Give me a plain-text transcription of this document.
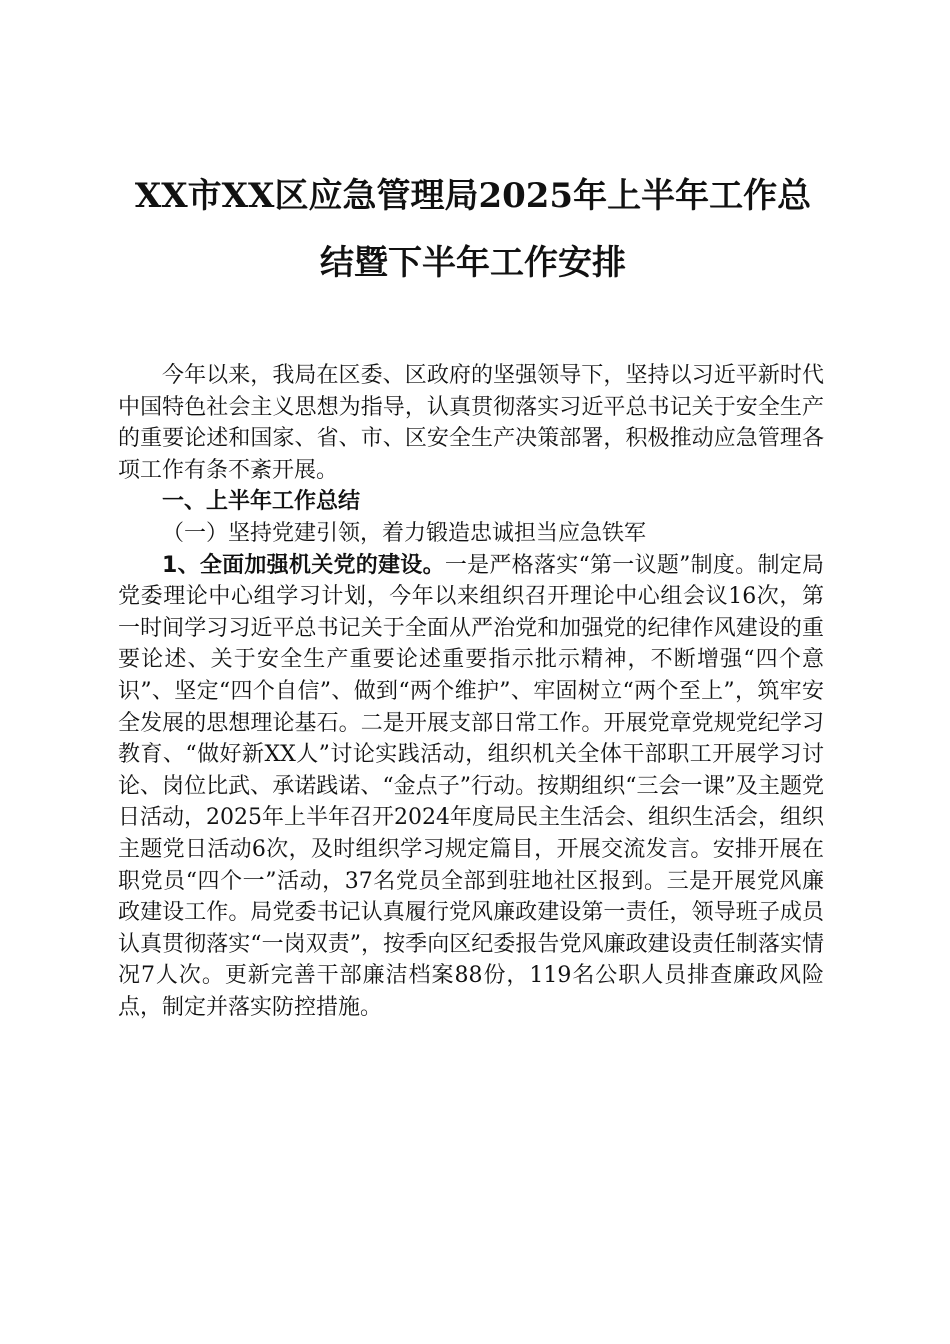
XX市XX区应急管理局2025年上半年工作总
结暨下半年工作安排

今年以来，我局在区委、区政府的坚强领导下，坚持以习近平新时代中国特色社会主义思想为指导，认真贯彻落实习近平总书记关于安全生产的重要论述和国家、省、市、区安全生产决策部署，积极推动应急管理各项工作有条不紊开展。

一、上半年工作总结

（一）坚持党建引领，着力锻造忠诚担当应急铁军

1、全面加强机关党的建设。一是严格落实“第一议题”制度。制定局党委理论中心组学习计划，今年以来组织召开理论中心组会议16次，第一时间学习习近平总书记关于全面从严治党和加强党的纪律作风建设的重要论述、关于安全生产重要论述重要指示批示精神，不断增强“四个意识”、坚定“四个自信”、做到“两个维护”、牢固树立“两个至上”，筑牢安全发展的思想理论基石。二是开展支部日常工作。开展党章党规党纪学习教育、“做好新XX人”讨论实践活动，组织机关全体干部职工开展学习讨论、岗位比武、承诺践诺、“金点子”行动。按期组织“三会一课”及主题党日活动，2025年上半年召开2024年度局民主生活会、组织生活会，组织主题党日活动6次，及时组织学习规定篇目，开展交流发言。安排开展在职党员“四个一”活动，37名党员全部到驻地社区报到。三是开展党风廉政建设工作。局党委书记认真履行党风廉政建设第一责任，领导班子成员认真贯彻落实“一岗双责”，按季向区纪委报告党风廉政建设责任制落实情况7人次。更新完善干部廉洁档案88份，119名公职人员排查廉政风险点，制定并落实防控措施。
